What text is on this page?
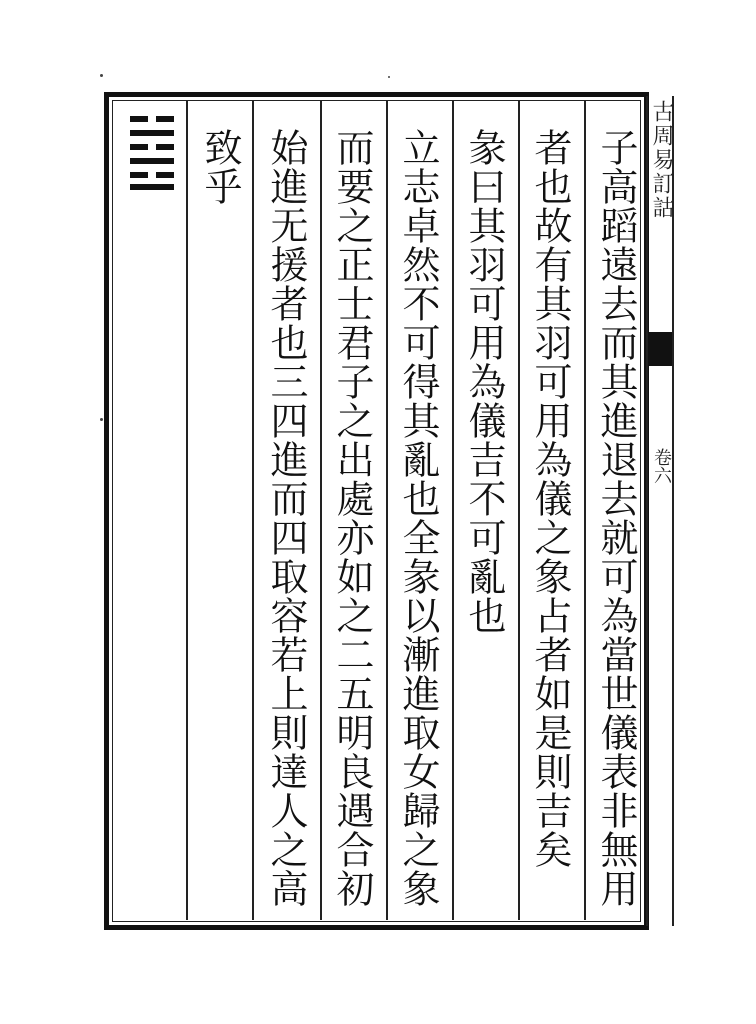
子高蹈遠去而其進退去就可為當世儀表非無用
者也故有其羽可用為儀之象占者如是則吉矣
彖曰其羽可用為儀吉不可亂也
立志卓然不可得其亂也全彖以漸進取女歸之象
而要之正士君子之出處亦如之二五明良遇合初
始進无援者也三四進而四取容若上則達人之高
致乎	古周易訂詁
卷六
